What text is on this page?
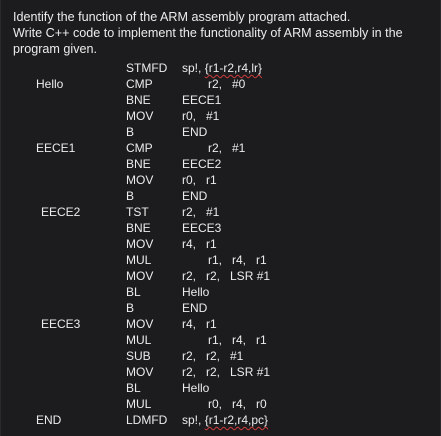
Identify the function of the ARM assembly program attached.
Write C++ code to implement the functionality of ARM assembly in the
program given.
STMFD sp!, {r1-r2,r4,lr}
Hello	CMP	r2,   #0
BNE	EECE1
MOV r0,   #1
B	END
EECE1	CMP	r2,   #1
BNE	EECE2
MOV r0,   r1
B	END
EECE2	TST	r2,   #1
BNE	EECE3
MOV r4,   r1
MUL	r1,   r4,   r1
MOV r2,   r2,   LSR #1
BL	Hello
B	END
EECE3	MOV r4,   r1
MUL	r1,   r4,   r1
SUB	r2,   r2,   #1
MOV r2,   r2,   LSR #1
BL	Hello
MUL	r0,   r4,   r0
END	LDMFD sp!, {r1-r2,r4,pc}
